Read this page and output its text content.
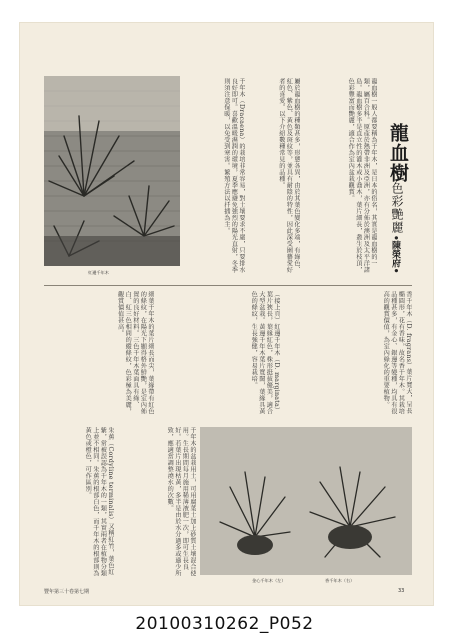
紅邊千年木
龍血樹
色彩艷麗
•陳榮府•
龍血樹一般人都要稱為千年木，是日本的俗名，其實是龍血樹的一類，屬百合科。原產於熱帶非洲及亞洲，亦有分佈於澳洲及太平洋諸島。龍血樹多半是直立性的灌木或小喬木，葉片細長，叢生於枝頂，色彩豐富而艷麗，適合作為室內盆栽觀賞。
屬於龍血樹的種類甚多，形態各異，由於其葉色變化多端，有綠色、紅色、紫色、黃色及斑紋等，並具有耐陰的特性，因此深受園藝愛好者的喜愛。以下介紹數種常見的品種。
千年木（Dracaena）的栽培非常容易，對土壤要求不嚴，只要排水良好即可。喜歡溫暖濕潤的環境，夏季應避免強烈的陽光直射，冬季則須注意保暖，以免受到寒害。繁殖方法以扦插為主。
細葉千年木的葉片細長而尖，葉緣帶有紅色的條紋，在陽光下顯得格外鮮艷，是室內佈置的良好材料。三色千年木葉面具有綠、白、紅三色相間的縱條紋，色彩極為美麗，觀賞價值甚高。	（接上頁）紅邊千年木（D. marginata）葉片狹長，葉緣紅色，株形挺拔優美，適合大型盆栽。黃邊千年木葉片寬闊，葉緣具黃色的條紋，生長強健，容易栽培。	香千年木（D. fragrans）葉片寬大，呈長橢圓形，花有香味，故名香千年木。其栽培品種甚多，有金心、銀邊等變種，均具有很高的觀賞價值，為室內綠化的重要植物。
朱蕉（Cordyline terminalis）又稱紅竹，葉色紅紫，常被誤認為千年木的一類，其實兩者在植物分類上並不相同。朱蕉的根部白色，而千年木的根部則為黃色或橙色，可作區別。	千年木的盆栽用土，可用腐葉土加上砂質土壤混合使用。生長期間每月施用稀薄液肥一次，即可生長良好。若葉片出現枯黃，多半是由於水分過多或過少所致，應適當調整澆水的次數。
香千年木（右）
金心千年木（左）
豐年第三十卷第七期	33
20100310262_P052
